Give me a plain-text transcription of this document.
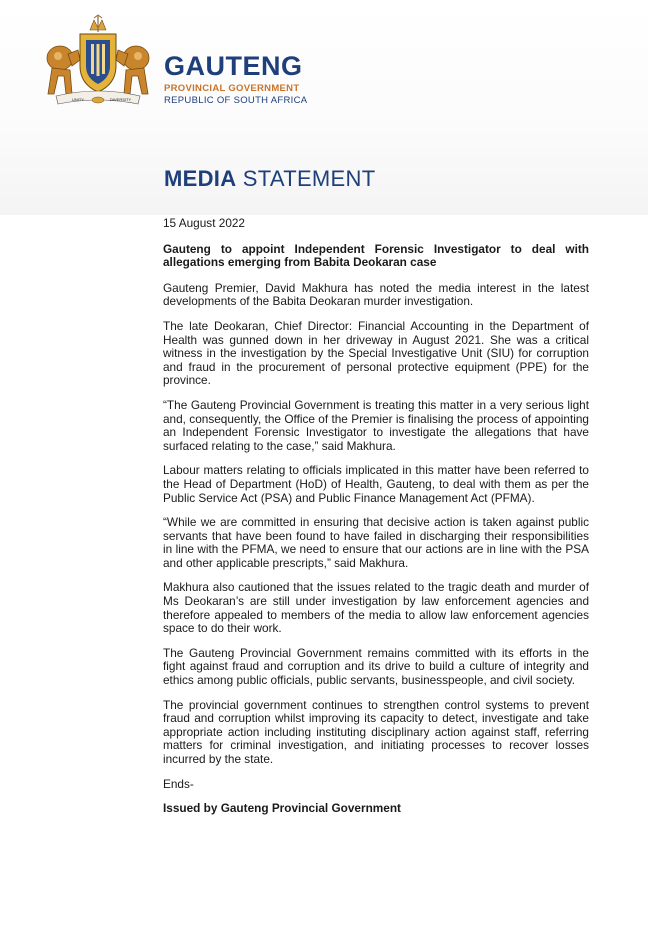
UNITY	DIVERSITY
GAUTENG
PROVINCIAL GOVERNMENT
REPUBLIC OF SOUTH AFRICA
MEDIA STATEMENT

15 August 2022

Gauteng to appoint Independent Forensic Investigator to deal with allegations emerging from Babita Deokaran case

Gauteng Premier, David Makhura has noted the media interest in the latest developments of the Babita Deokaran murder investigation.

The late Deokaran, Chief Director: Financial Accounting in the Department of Health was gunned down in her driveway in August 2021. She was a critical witness in the investigation by the Special Investigative Unit (SIU) for corruption and fraud in the procurement of personal protective equipment (PPE) for the province.

“The Gauteng Provincial Government is treating this matter in a very serious light and, consequently, the Office of the Premier is finalising the process of appointing an Independent Forensic Investigator to investigate the allegations that have surfaced relating to the case,” said Makhura.

Labour matters relating to officials implicated in this matter have been referred to the Head of Department (HoD) of Health, Gauteng, to deal with them as per the Public Service Act (PSA) and Public Finance Management Act (PFMA).

“While we are committed in ensuring that decisive action is taken against public servants that have been found to have failed in discharging their responsibilities in line with the PFMA, we need to ensure that our actions are in line with the PSA and other applicable prescripts,” said Makhura.

Makhura also cautioned that the issues related to the tragic death and murder of Ms Deokaran’s are still under investigation by law enforcement agencies and therefore appealed to members of the media to allow law enforcement agencies space to do their work.

The Gauteng Provincial Government remains committed with its efforts in the fight against fraud and corruption and its drive to build a culture of integrity and ethics among public officials, public servants, businesspeople, and civil society.

The provincial government continues to strengthen control systems to prevent fraud and corruption whilst improving its capacity to detect, investigate and take appropriate action including instituting disciplinary action against staff, referring matters for criminal investigation, and initiating processes to recover losses incurred by the state.

Ends-

Issued by Gauteng Provincial Government
